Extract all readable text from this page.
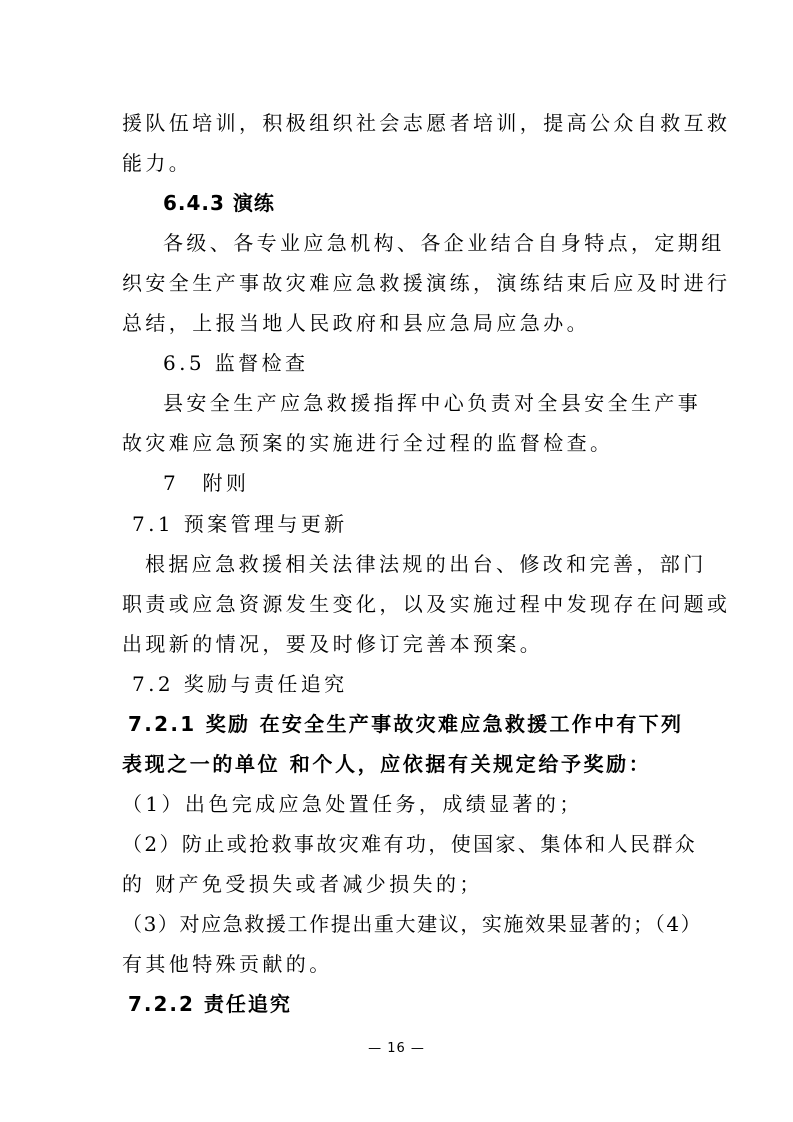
援队伍培训，积极组织社会志愿者培训，提高公众自救互救
能力。
6.4.3 演练
各级、各专业应急机构、各企业结合自身特点，定期组
织安全生产事故灾难应急救援演练，演练结束后应及时进行
总结，上报当地人民政府和县应急局应急办。
6.5 监督检查
县安全生产应急救援指挥中心负责对全县安全生产事
故灾难应急预案的实施进行全过程的监督检查。
7　附则
7.1 预案管理与更新
根据应急救援相关法律法规的出台、修改和完善，部门
职责或应急资源发生变化，以及实施过程中发现存在问题或
出现新的情况，要及时修订完善本预案。
7.2 奖励与责任追究
7.2.1 奖励 在安全生产事故灾难应急救援工作中有下列
表现之一的单位 和个人，应依据有关规定给予奖励：
（1）出色完成应急处置任务，成绩显著的；
（2）防止或抢救事故灾难有功，使国家、集体和人民群众
的 财产免受损失或者减少损失的；
（3）对应急救援工作提出重大建议，实施效果显著的；（4）
有其他特殊贡献的。
7.2.2 责任追究
— 16 —
